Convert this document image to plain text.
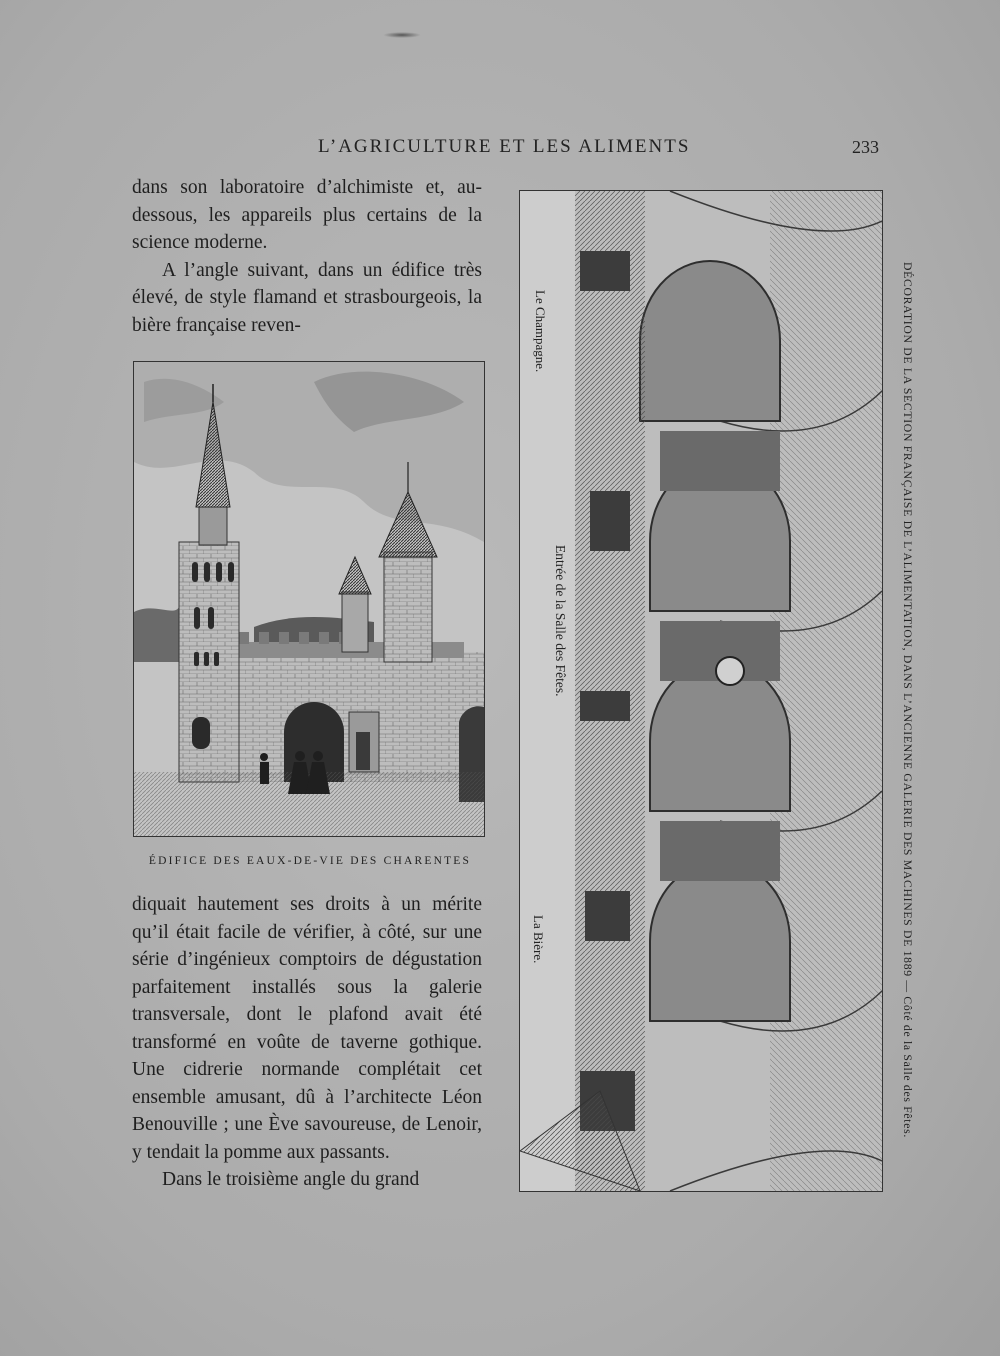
L’AGRICULTURE ET LES ALIMENTS	233

dans son laboratoire d’alchimiste et, au-dessous, les appareils plus certains de la science moderne.

A l’angle suivant, dans un édifice très élevé, de style flamand et strasbourgeois, la bière française reven-

ÉDIFICE DES EAUX-DE-VIE DES CHARENTES

diquait hautement ses droits à un mérite qu’il était facile de vérifier, à côté, sur une série d’ingénieux comptoirs de dégustation parfaitement installés sous la galerie transversale, dont le plafond avait été transformé en voûte de taverne gothique. Une cidrerie normande complétait cet ensemble amusant, dû à l’architecte Léon Benouville ; une Ève savoureuse, de Lenoir, y tendait la pomme aux passants.

Dans le troisième angle du grand

Le Champagne.
Entrée de la Salle des Fêtes.
La Bière.	DÉCORATION DE LA SECTION FRANÇAISE DE L’ALIMENTATION, DANS L’ANCIENNE GALERIE DES MACHINES DE 1889 — Côté de la Salle des Fêtes.
